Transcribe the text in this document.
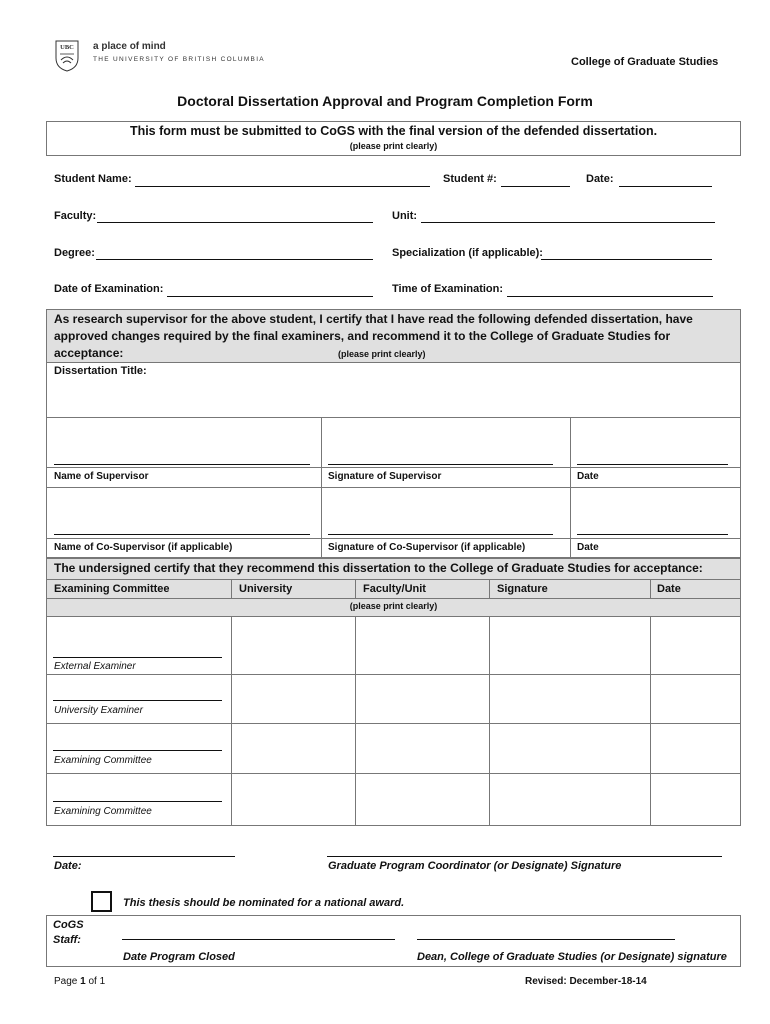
UBC a place of mind
THE UNIVERSITY OF BRITISH COLUMBIA	College of Graduate Studies
Doctoral Dissertation Approval and Program Completion Form
This form must be submitted to CoGS with the final version of the defended dissertation.
(please print clearly)
Student Name:	Student #:	Date:
Faculty:	Unit:
Degree:	Specialization (if applicable):
Date of Examination:	Time of Examination:
As research supervisor for the above student, I certify that I have read the following defended dissertation, have
approved changes required by the final examiners, and recommend it to the College of Graduate Studies for
acceptance:	(please print clearly)
Dissertation Title:
Name of Supervisor	Signature of Supervisor	Date
Name of Co-Supervisor (if applicable)	Signature of Co-Supervisor (if applicable)	Date
The undersigned certify that they recommend this dissertation to the College of Graduate Studies for acceptance:
Examining Committee	University	Faculty/Unit	Signature	Date
(please print clearly)
External Examiner
University Examiner
Examining Committee
Examining Committee
Date:	Graduate Program Coordinator (or Designate) Signature
This thesis should be nominated for a national award.
CoGS
Staff:
Date Program Closed	Dean, College of Graduate Studies (or Designate) signature
Page 1 of 1	Revised: December-18-14
